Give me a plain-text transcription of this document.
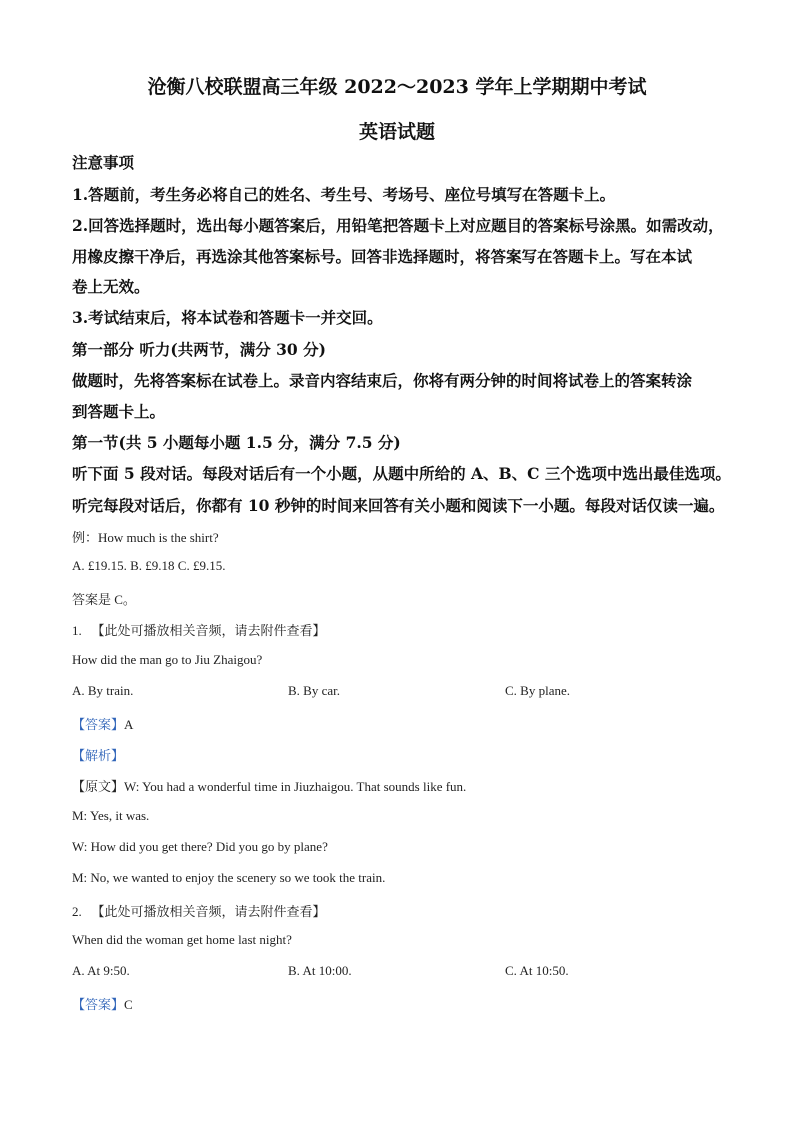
沧衡八校联盟高三年级 2022～2023 学年上学期期中考试
英语试题
注意事项
1.答题前，考生务必将自己的姓名、考生号、考场号、座位号填写在答题卡上。
2.回答选择题时，选出每小题答案后，用铅笔把答题卡上对应题目的答案标号涂黑。如需改动，
用橡皮擦干净后，再选涂其他答案标号。回答非选择题时，将答案写在答题卡上。写在本试
卷上无效。
3.考试结束后，将本试卷和答题卡一并交回。
第一部分 听力(共两节，满分 30 分)
做题时，先将答案标在试卷上。录音内容结束后，你将有两分钟的时间将试卷上的答案转涂
到答题卡上。
第一节(共 5 小题每小题 1.5 分，满分 7.5 分)
听下面 5 段对话。每段对话后有一个小题，从题中所给的 A、B、C 三个选项中选出最佳选项。
听完每段对话后，你都有 10 秒钟的时间来回答有关小题和阅读下一小题。每段对话仅读一遍。
例：How much is the shirt?
A. £19.15. B. £9.18 C. £9.15.
答案是 C。
1. 【此处可播放相关音频，请去附件查看】
How did the man go to Jiu Zhaigou?
A. By train.	B. By car.	C. By plane.
【答案】A
【解析】
【原文】W: You had a wonderful time in Jiuzhaigou. That sounds like fun.
M: Yes, it was.
W: How did you get there? Did you go by plane?
M: No, we wanted to enjoy the scenery so we took the train.
2. 【此处可播放相关音频，请去附件查看】
When did the woman get home last night?
A. At 9:50.	B. At 10:00.	C. At 10:50.
【答案】C
